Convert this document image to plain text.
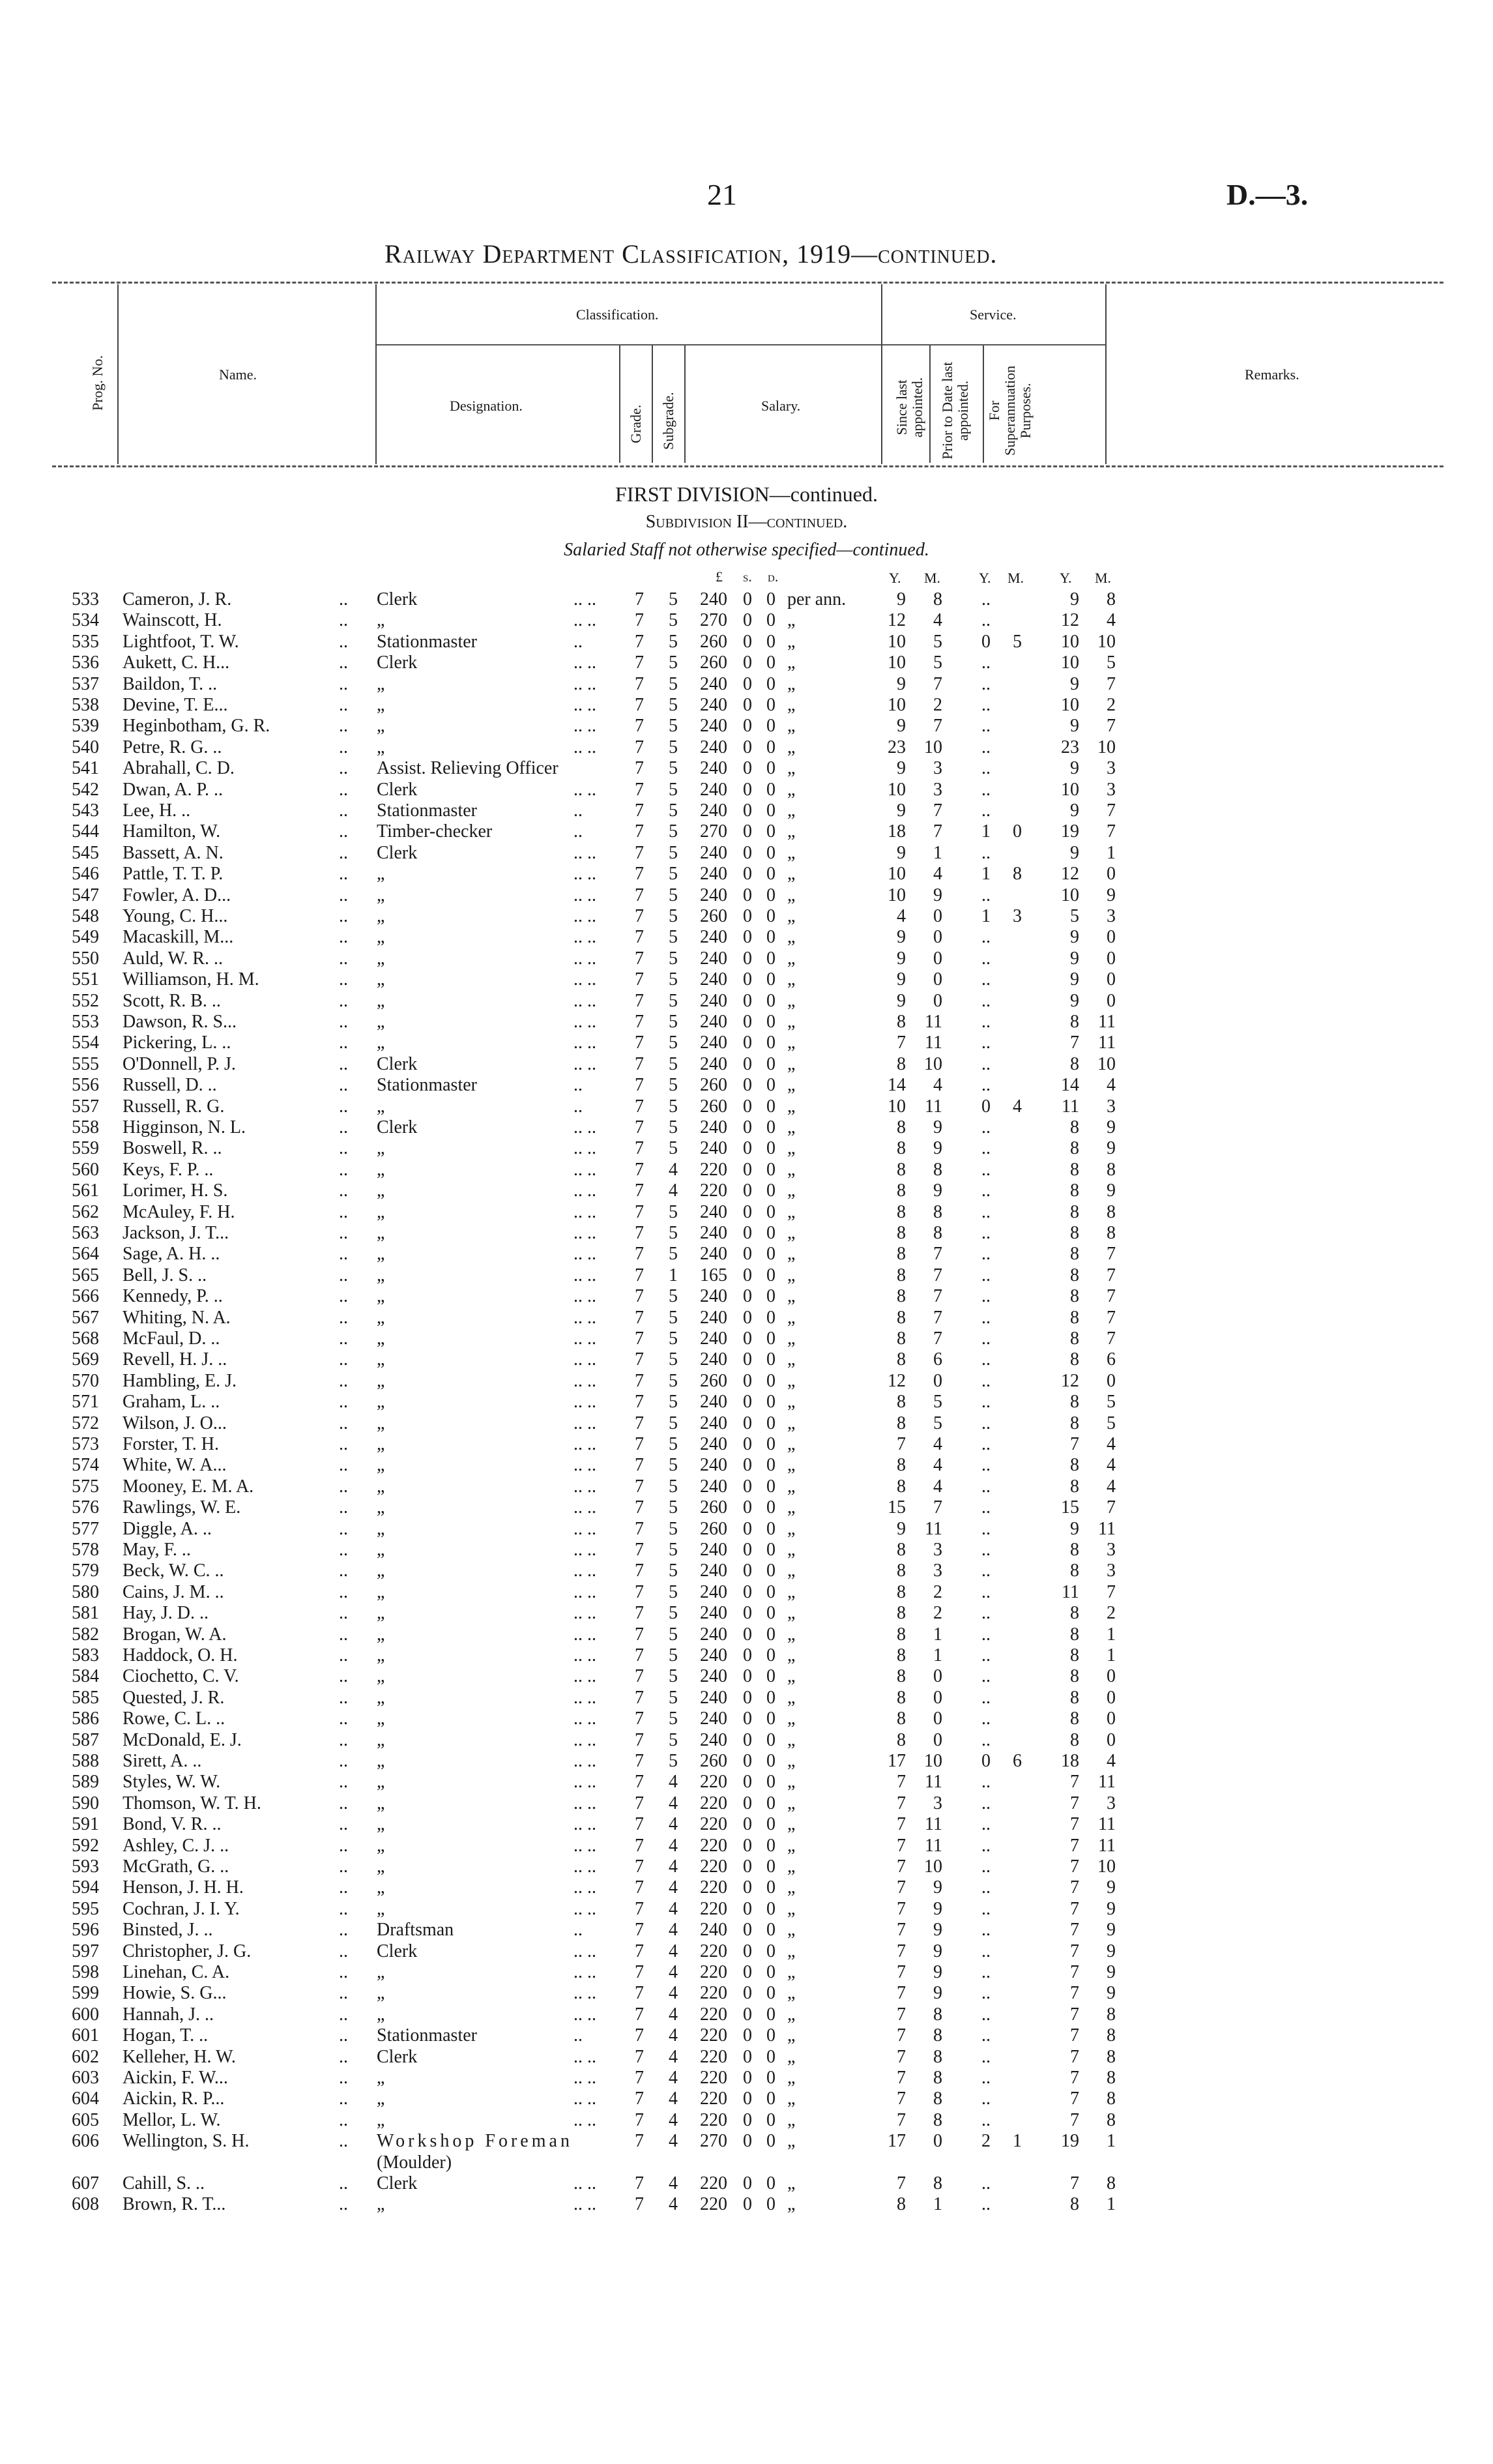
21	D.—3.
Railway Department Classification, 1919—continued.
Prog. No.	Name.
Classification.	Service.
Designation.	Grade. Subgrade.	Salary.	Since last appointed. Prior to Date last appointed. For Superannuation Purposes.
Remarks.
FIRST DIVISION—continued.
Subdivision II—continued.
Salaried Staff not otherwise specified—continued.
£ s. d.	Y. M.	Y. M. Y. M.
533 Cameron, J. R.	.. Clerk	.. ..	7	5	240 0 0 per ann.	9	8	..	9	8
534 Wainscott, H.	.. „	.. ..	7	5	270 0 0 „	12	4	..	12	4
535 Lightfoot, T. W.	.. Stationmaster	..	7	5	260 0 0 „	10	5	0	5	10	10
536 Aukett, C. H...	.. Clerk	.. ..	7	5	260 0 0 „	10	5	..	10	5
537 Baildon, T. ..	.. „	.. ..	7	5	240 0 0 „	9	7	..	9	7
538 Devine, T. E...	.. „	.. ..	7	5	240 0 0 „	10	2	..	10	2
539 Heginbotham, G. R.	.. „	.. ..	7	5	240 0 0 „	9	7	..	9	7
540 Petre, R. G. ..	.. „	.. ..	7	5	240 0 0 „	23	10	..	23	10
541 Abrahall, C. D.	.. Assist. Relieving Officer	7	5	240 0 0 „	9	3	..	9	3
542 Dwan, A. P. ..	.. Clerk	.. ..	7	5	240 0 0 „	10	3	..	10	3
543 Lee, H. ..	.. Stationmaster	..	7	5	240 0 0 „	9	7	..	9	7
544 Hamilton, W.	.. Timber-checker	..	7	5	270 0 0 „	18	7	1	0	19	7
545 Bassett, A. N.	.. Clerk	.. ..	7	5	240 0 0 „	9	1	..	9	1
546 Pattle, T. T. P.	.. „	.. ..	7	5	240 0 0 „	10	4	1	8	12	0
547 Fowler, A. D...	.. „	.. ..	7	5	240 0 0 „	10	9	..	10	9
548 Young, C. H...	.. „	.. ..	7	5	260 0 0 „	4	0	1	3	5	3
549 Macaskill, M...	.. „	.. ..	7	5	240 0 0 „	9	0	..	9	0
550 Auld, W. R. ..	.. „	.. ..	7	5	240 0 0 „	9	0	..	9	0
551 Williamson, H. M.	.. „	.. ..	7	5	240 0 0 „	9	0	..	9	0
552 Scott, R. B. ..	.. „	.. ..	7	5	240 0 0 „	9	0	..	9	0
553 Dawson, R. S...	.. „	.. ..	7	5	240 0 0 „	8	11	..	8	11
554 Pickering, L. ..	.. „	.. ..	7	5	240 0 0 „	7	11	..	7	11
555 O'Donnell, P. J.	.. Clerk	.. ..	7	5	240 0 0 „	8	10	..	8	10
556 Russell, D. ..	.. Stationmaster	..	7	5	260 0 0 „	14	4	..	14	4
557 Russell, R. G.	.. „	..	7	5	260 0 0 „	10	11	0	4	11	3
558 Higginson, N. L.	.. Clerk	.. ..	7	5	240 0 0 „	8	9	..	8	9
559 Boswell, R. ..	.. „	.. ..	7	5	240 0 0 „	8	9	..	8	9
560 Keys, F. P. ..	.. „	.. ..	7	4	220 0 0 „	8	8	..	8	8
561 Lorimer, H. S.	.. „	.. ..	7	4	220 0 0 „	8	9	..	8	9
562 McAuley, F. H.	.. „	.. ..	7	5	240 0 0 „	8	8	..	8	8
563 Jackson, J. T...	.. „	.. ..	7	5	240 0 0 „	8	8	..	8	8
564 Sage, A. H. ..	.. „	.. ..	7	5	240 0 0 „	8	7	..	8	7
565 Bell, J. S. ..	.. „	.. ..	7	1	165 0 0 „	8	7	..	8	7
566 Kennedy, P. ..	.. „	.. ..	7	5	240 0 0 „	8	7	..	8	7
567 Whiting, N. A.	.. „	.. ..	7	5	240 0 0 „	8	7	..	8	7
568 McFaul, D. ..	.. „	.. ..	7	5	240 0 0 „	8	7	..	8	7
569 Revell, H. J. ..	.. „	.. ..	7	5	240 0 0 „	8	6	..	8	6
570 Hambling, E. J.	.. „	.. ..	7	5	260 0 0 „	12	0	..	12	0
571 Graham, L. ..	.. „	.. ..	7	5	240 0 0 „	8	5	..	8	5
572 Wilson, J. O...	.. „	.. ..	7	5	240 0 0 „	8	5	..	8	5
573 Forster, T. H.	.. „	.. ..	7	5	240 0 0 „	7	4	..	7	4
574 White, W. A...	.. „	.. ..	7	5	240 0 0 „	8	4	..	8	4
575 Mooney, E. M. A.	.. „	.. ..	7	5	240 0 0 „	8	4	..	8	4
576 Rawlings, W. E.	.. „	.. ..	7	5	260 0 0 „	15	7	..	15	7
577 Diggle, A. ..	.. „	.. ..	7	5	260 0 0 „	9	11	..	9	11
578 May, F. ..	.. „	.. ..	7	5	240 0 0 „	8	3	..	8	3
579 Beck, W. C. ..	.. „	.. ..	7	5	240 0 0 „	8	3	..	8	3
580 Cains, J. M. ..	.. „	.. ..	7	5	240 0 0 „	8	2	..	11	7
581 Hay, J. D. ..	.. „	.. ..	7	5	240 0 0 „	8	2	..	8	2
582 Brogan, W. A.	.. „	.. ..	7	5	240 0 0 „	8	1	..	8	1
583 Haddock, O. H.	.. „	.. ..	7	5	240 0 0 „	8	1	..	8	1
584 Ciochetto, C. V.	.. „	.. ..	7	5	240 0 0 „	8	0	..	8	0
585 Quested, J. R.	.. „	.. ..	7	5	240 0 0 „	8	0	..	8	0
586 Rowe, C. L. ..	.. „	.. ..	7	5	240 0 0 „	8	0	..	8	0
587 McDonald, E. J.	.. „	.. ..	7	5	240 0 0 „	8	0	..	8	0
588 Sirett, A. ..	.. „	.. ..	7	5	260 0 0 „	17	10	0	6	18	4
589 Styles, W. W.	.. „	.. ..	7	4	220 0 0 „	7	11	..	7	11
590 Thomson, W. T. H.	.. „	.. ..	7	4	220 0 0 „	7	3	..	7	3
591 Bond, V. R. ..	.. „	.. ..	7	4	220 0 0 „	7	11	..	7	11
592 Ashley, C. J. ..	.. „	.. ..	7	4	220 0 0 „	7	11	..	7	11
593 McGrath, G. ..	.. „	.. ..	7	4	220 0 0 „	7	10	..	7	10
594 Henson, J. H. H.	.. „	.. ..	7	4	220 0 0 „	7	9	..	7	9
595 Cochran, J. I. Y.	.. „	.. ..	7	4	220 0 0 „	7	9	..	7	9
596 Binsted, J. ..	.. Draftsman	..	7	4	240 0 0 „	7	9	..	7	9
597 Christopher, J. G.	.. Clerk	.. ..	7	4	220 0 0 „	7	9	..	7	9
598 Linehan, C. A.	.. „	.. ..	7	4	220 0 0 „	7	9	..	7	9
599 Howie, S. G...	.. „	.. ..	7	4	220 0 0 „	7	9	..	7	9
600 Hannah, J. ..	.. „	.. ..	7	4	220 0 0 „	7	8	..	7	8
601 Hogan, T. ..	.. Stationmaster	..	7	4	220 0 0 „	7	8	..	7	8
602 Kelleher, H. W.	.. Clerk	.. ..	7	4	220 0 0 „	7	8	..	7	8
603 Aickin, F. W...	.. „	.. ..	7	4	220 0 0 „	7	8	..	7	8
604 Aickin, R. P...	.. „	.. ..	7	4	220 0 0 „	7	8	..	7	8
605 Mellor, L. W.	.. „	.. ..	7	4	220 0 0 „	7	8	..	7	8
606 Wellington, S. H.	.. Workshop Foreman	7	4	270 0 0 „	17	0	2	1	19	1
(Moulder)
607 Cahill, S. ..	.. Clerk	.. ..	7	4	220 0 0 „	7	8	..	7	8
608 Brown, R. T...	.. „	.. ..	7	4	220 0 0 „	8	1	..	8	1
